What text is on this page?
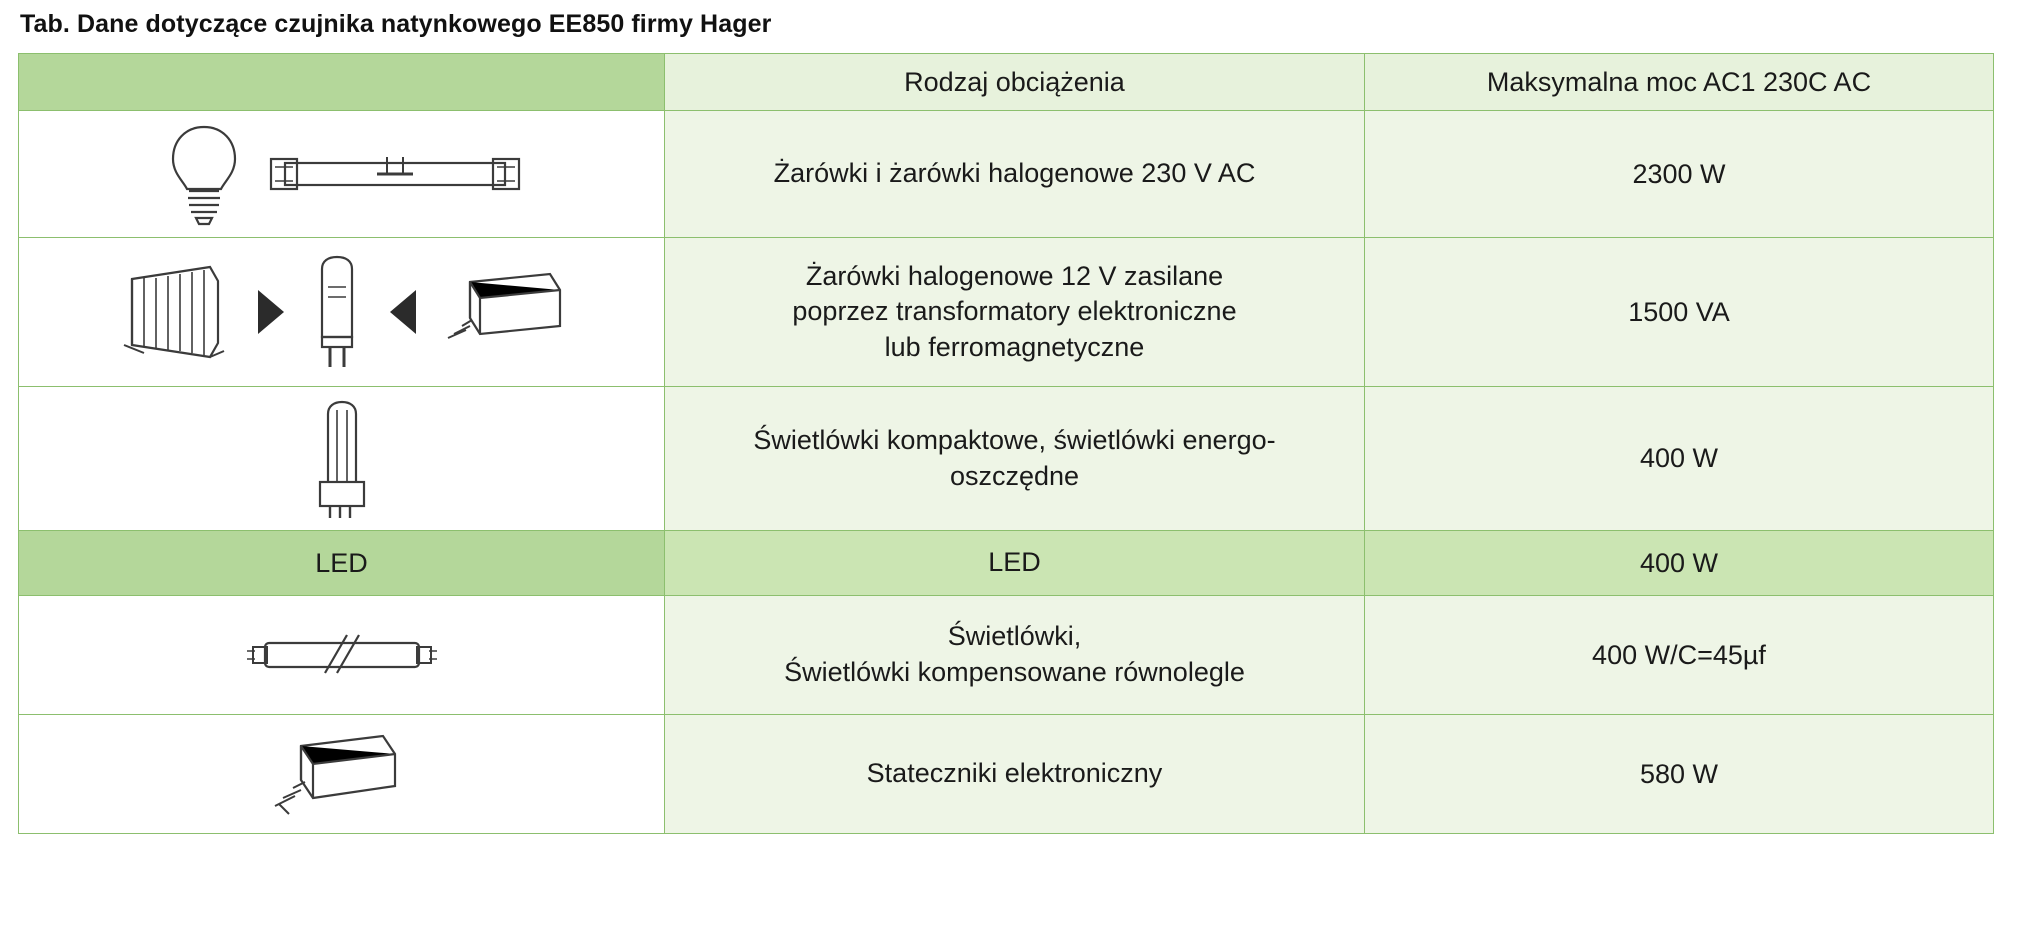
Tab. Dane dotyczące czujnika natynkowego EE850 firmy Hager
	Rodzaj obciążenia	Maksymalna moc AC1 230C AC

	Żarówki i żarówki halogenowe 230 V AC	2300 W

Żarówki halogenowe 12 V zasilane
poprzez transformatory elektroniczne
lub ferromagnetyczne	1500 VA

Świetlówki kompaktowe, świetlówki energo-
oszczędne	400 W
LED	LED	400 W

Świetlówki,
Świetlówki kompensowane równolegle	400 W/C=45µf

	Stateczniki elektroniczny	580 W
